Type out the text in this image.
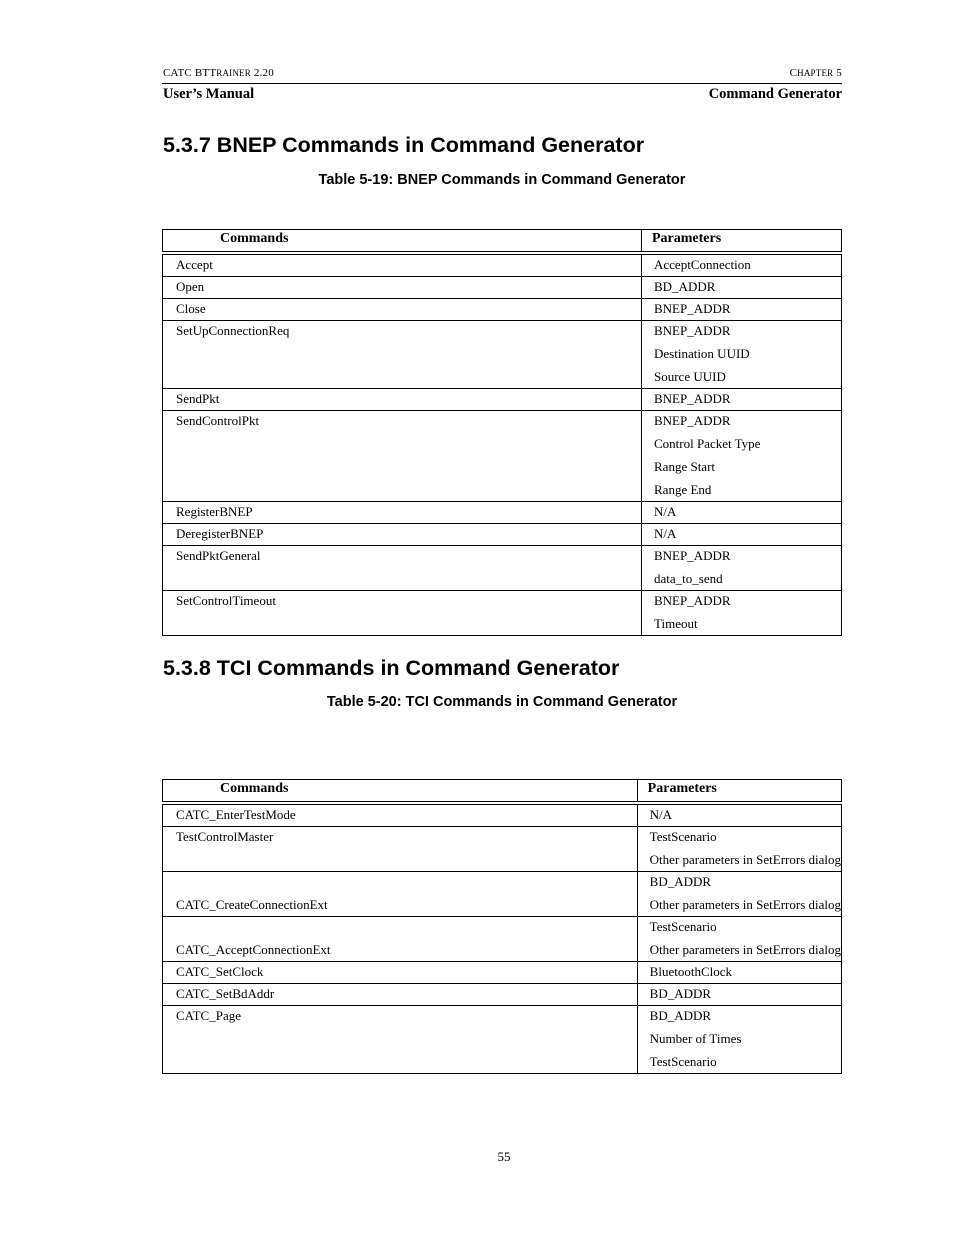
CATC BTTRAINER 2.20	CHAPTER 5
User’s Manual	Command Generator
5.3.7 BNEP Commands in Command Generator

Table 5-19: BNEP Commands in Command Generator

Commands	Parameters

Accept	AcceptConnection

Open	BD_ADDR

Close	BNEP_ADDR

SetUpConnectionReq	BNEP_ADDR
Destination UUID
Source UUID

SendPkt	BNEP_ADDR

SendControlPkt	BNEP_ADDR
Control Packet Type
Range Start
Range End

RegisterBNEP	N/A

DeregisterBNEP	N/A

SendPktGeneral	BNEP_ADDR
data_to_send

SetControlTimeout	BNEP_ADDR
Timeout
5.3.8 TCI Commands in Command Generator

Table 5-20: TCI Commands in Command Generator

Commands	Parameters

CATC_EnterTestMode	N/A

TestControlMaster	TestScenario
Other parameters in SetErrors dialog

CATC_CreateConnectionExt	BD_ADDR
Other parameters in SetErrors dialog

CATC_AcceptConnectionExt	TestScenario
Other parameters in SetErrors dialog

CATC_SetClock	BluetoothClock

CATC_SetBdAddr	BD_ADDR

CATC_Page	BD_ADDR
Number of Times
TestScenario
55
